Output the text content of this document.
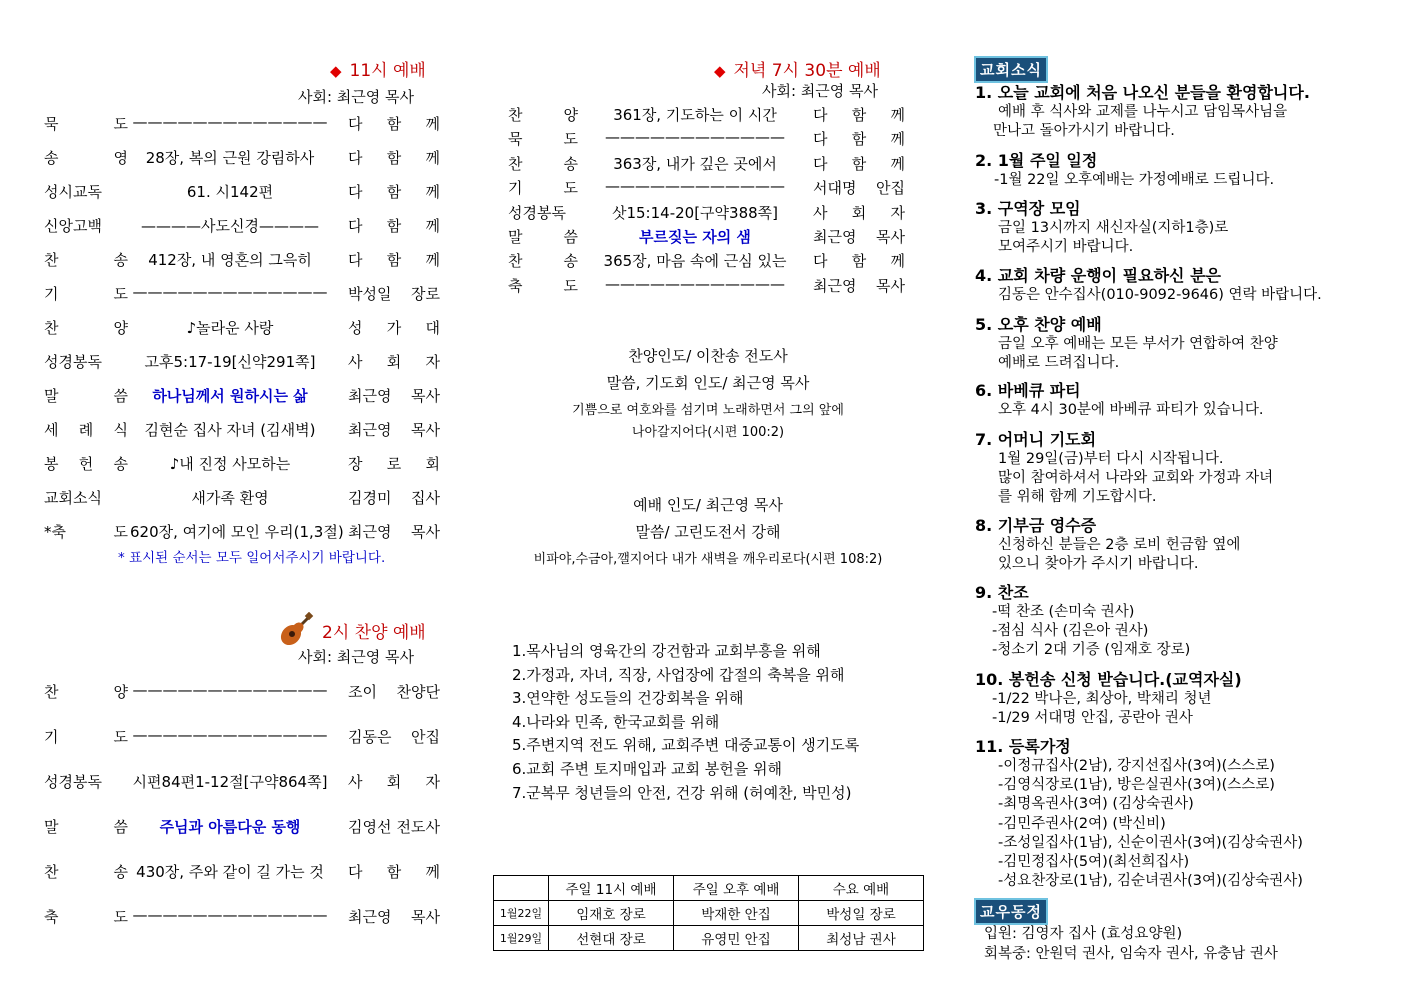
◆ 11시 예배
사회: 최근영 목사
묵 도 ————————————— 다 함 께
송 영	28장, 복의 근원 강림하사	다 함 께
성시교독	61. 시142편	다 함 께
신앙고백	————사도신경————	다 함 께
찬 송	412장, 내 영혼의 그윽히	다 함 께
기 도 ————————————— 박성일 장로
찬 양	♪놀라운 사랑	성 가 대
성경봉독	고후5:17-19[신약291쪽]	사 회 자
말 씀	하나님께서 원하시는 삶	최근영 목사
세 례 식	김현순 집사 자녀 (김새벽)	최근영 목사
봉 헌 송	♪내 진정 사모하는	장 로 회
교회소식	새가족 환영	김경미 집사
*축 도 620장, 여기에 모인 우리(1,3절) 최근영 목사
* 표시된 순서는 모두 일어서주시기 바랍니다.
2시 찬양 예배
사회: 최근영 목사
찬 양 ————————————— 조이 찬양단
기 도 ————————————— 김동은 안집
성경봉독	시편84편1-12절[구약864쪽] 사 회 자
말 씀	주님과 아름다운 동행	김영선 전도사
찬 송 430장, 주와 같이 길 가는 것	다 함 께
축 도 ————————————— 최근영 목사
◆ 저녁 7시 30분 예배
사회: 최근영 목사
찬 양	361장, 기도하는 이 시간	다 함 께
묵 도	————————————	다 함 께
찬 송	363장, 내가 깊은 곳에서	다 함 께
기 도	————————————	서대명 안집
성경봉독	삿15:14-20[구약388쪽]	사 회 자
말 씀	부르짖는 자의 샘	최근영 목사
찬 송	365장, 마음 속에 근심 있는	다 함 께
축 도	————————————	최근영 목사
찬양인도/ 이찬송 전도사
말씀, 기도회 인도/ 최근영 목사
기쁨으로 여호와를 섬기며 노래하면서 그의 앞에
나아갈지어다(시편 100:2)
예배 인도/ 최근영 목사
말씀/ 고린도전서 강해
비파야,수금아,깰지어다 내가 새벽을 깨우리로다(시편 108:2)
1.목사님의 영육간의 강건함과 교회부흥을 위해
2.가정과, 자녀, 직장, 사업장에 갑절의 축복을 위해
3.연약한 성도들의 건강회복을 위해
4.나라와 민족, 한국교회를 위해
5.주변지역 전도 위해, 교회주변 대중교통이 생기도록
6.교회 주변 토지매입과 교회 봉헌을 위해
7.군복무 청년들의 안전, 건강 위해 (허예찬, 박민성)
	주일 11시 예배	주일 오후 예배	수요 예배
1월22일	임재호 장로	박재한 안집	박성일 장로
1월29일	선현대 장로	유영민 안집	최성남 권사
교회소식
1. 오늘 교회에 처음 나오신 분들을 환영합니다.
예배 후 식사와 교제를 나누시고 담임목사님을
만나고 돌아가시기 바랍니다.
2. 1월 주일 일정
-1월 22일 오후예배는 가정예배로 드립니다.
3. 구역장 모임
금일 13시까지 새신자실(지하1층)로
모여주시기 바랍니다.
4. 교회 차량 운행이 필요하신 분은
김동은 안수집사(010-9092-9646) 연락 바랍니다.
5. 오후 찬양 예배
금일 오후 예배는 모든 부서가 연합하여 찬양
예배로 드려집니다.
6. 바베큐 파티
오후 4시 30분에 바베큐 파티가 있습니다.
7. 어머니 기도회
1월 29일(금)부터 다시 시작됩니다.
많이 참여하셔서 나라와 교회와 가정과 자녀
를 위해 함께 기도합시다.
8. 기부금 영수증
신청하신 분들은 2층 로비 헌금함 옆에
있으니 찾아가 주시기 바랍니다.
9. 찬조
-떡 찬조 (손미숙 권사)
-점심 식사 (김은아 권사)
-청소기 2대 기증 (임재호 장로)
10. 봉헌송 신청 받습니다.(교역자실)
-1/22 박나은, 최상아, 박채리 청년
-1/29 서대명 안집, 공란아 권사
11. 등록가정
-이정규집사(2남), 강지선집사(3여)(스스로)
-김영식장로(1남), 방은실권사(3여)(스스로)
-최명옥권사(3여) (김상숙권사)
-김민주권사(2여) (박신비)
-조성일집사(1남), 신순이권사(3여)(김상숙권사)
-김민정집사(5여)(최선희집사)
-성요찬장로(1남), 김순녀권사(3여)(김상숙권사)
교우동정
입원: 김영자 집사 (효성요양원)
회복중: 안원덕 권사, 임숙자 권사, 유충남 권사
